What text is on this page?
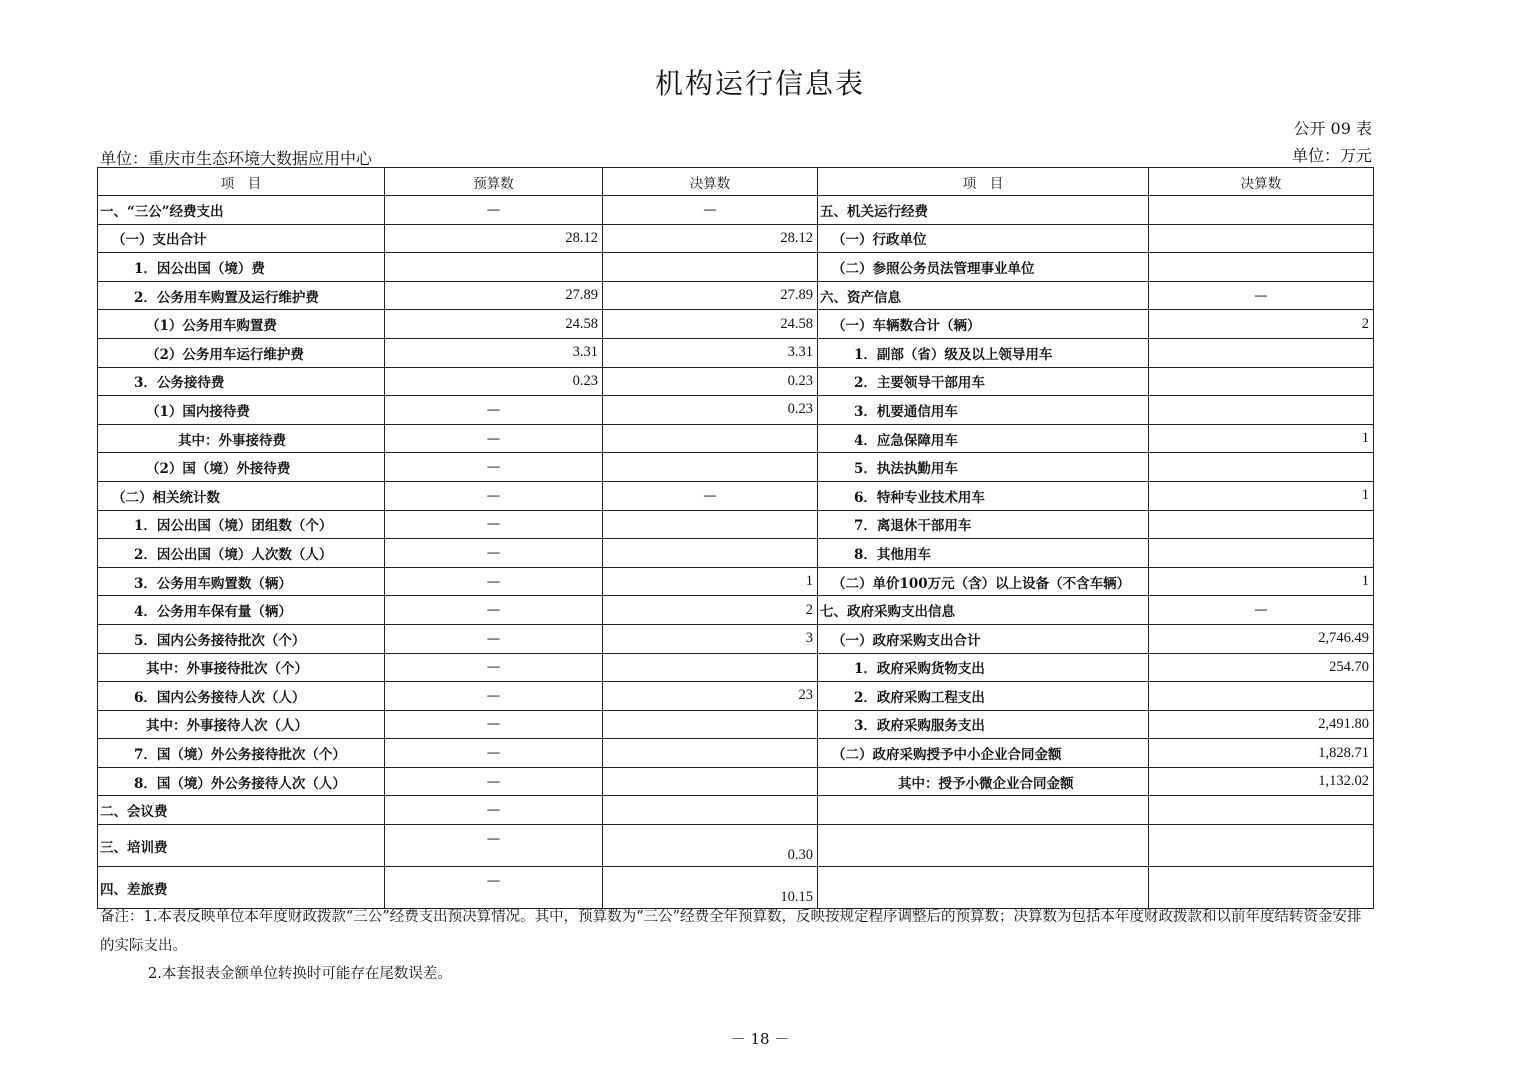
机构运行信息表
公开 09 表
单位：重庆市生态环境大数据应用中心	单位：万元
项　目	预算数	决算数	项　目	决算数
一、“三公”经费支出	—	—	五、机关运行经费	
（一）支出合计	28.12	28.12	（一）行政单位	
1．因公出国（境）费			（二）参照公务员法管理事业单位	
2．公务用车购置及运行维护费	27.89	27.89	六、资产信息	—
（1）公务用车购置费	24.58	24.58	（一）车辆数合计（辆）	2
（2）公务用车运行维护费	3.31	3.31	1．副部（省）级及以上领导用车	
3．公务接待费	0.23	0.23	2．主要领导干部用车	
（1）国内接待费	—	0.23	3．机要通信用车	
其中：外事接待费	—		4．应急保障用车	1
（2）国（境）外接待费	—		5．执法执勤用车	
（二）相关统计数	—	—	6．特种专业技术用车	1
1．因公出国（境）团组数（个）	—		7．离退休干部用车	
2．因公出国（境）人次数（人）	—		8．其他用车	
3．公务用车购置数（辆）	—	1	（二）单价100万元（含）以上设备（不含车辆）	1
4．公务用车保有量（辆）	—	2	七、政府采购支出信息	—
5．国内公务接待批次（个）	—	3	（一）政府采购支出合计	2,746.49
其中：外事接待批次（个）	—		1．政府采购货物支出	254.70
6．国内公务接待人次（人）	—	23	2．政府采购工程支出	
其中：外事接待人次（人）	—		3．政府采购服务支出	2,491.80
7．国（境）外公务接待批次（个）	—		（二）政府采购授予中小企业合同金额	1,828.71
8．国（境）外公务接待人次（人）	—		其中：授予小微企业合同金额	1,132.02
二、会议费	—			
三、培训费	—	0.30		
四、差旅费	—	10.15		
备注：1.本表反映单位本年度财政拨款“三公”经费支出预决算情况。其中，预算数为“三公”经费全年预算数，反映按规定程序调整后的预算数；决算数为包括本年度财政拨款和以前年度结转资金安排的实际支出。
2.本套报表金额单位转换时可能存在尾数误差。
－ 18 －
